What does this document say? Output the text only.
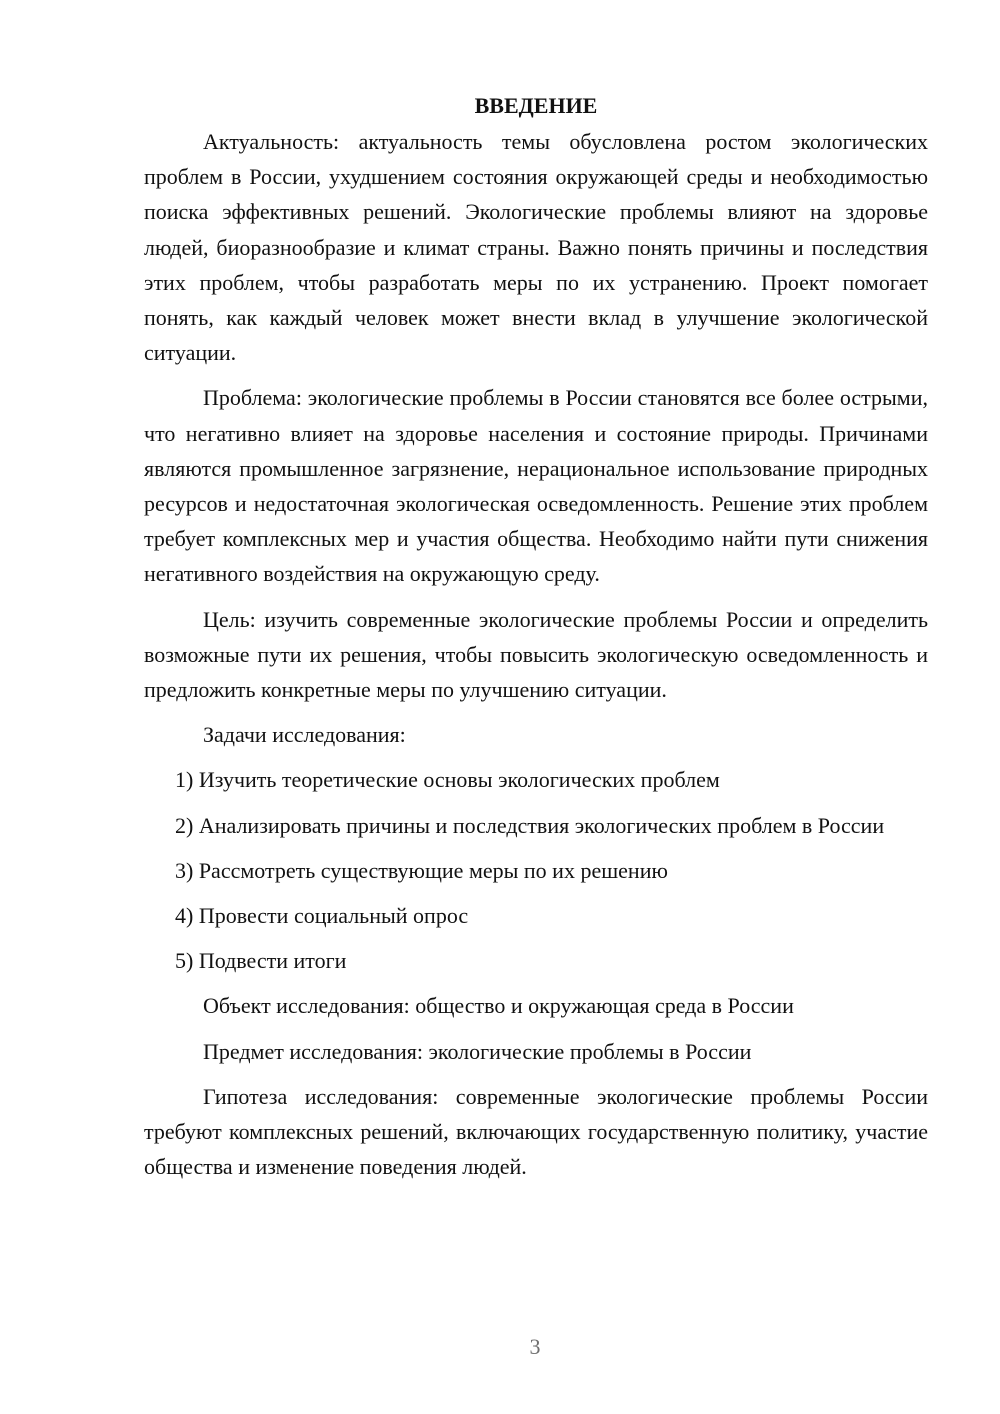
ВВЕДЕНИЕ

Актуальность: актуальность темы обусловлена ростом экологических проблем в России, ухудшением состояния окружающей среды и необходимостью поиска эффективных решений. Экологические проблемы влияют на здоровье людей, биоразнообразие и климат страны. Важно понять причины и последствия этих проблем, чтобы разработать меры по их устранению. Проект помогает понять, как каждый человек может внести вклад в улучшение экологической ситуации.

Проблема: экологические проблемы в России становятся все более острыми, что негативно влияет на здоровье населения и состояние природы. Причинами являются промышленное загрязнение, нерациональное использование природных ресурсов и недостаточная экологическая осведомленность. Решение этих проблем требует комплексных мер и участия общества. Необходимо найти пути снижения негативного воздействия на окружающую среду.

Цель: изучить современные экологические проблемы России и определить возможные пути их решения, чтобы повысить экологическую осведомленность и предложить конкретные меры по улучшению ситуации.

Задачи исследования:

1) Изучить теоретические основы экологических проблем

2) Анализировать причины и последствия экологических проблем в России

3) Рассмотреть существующие меры по их решению

4) Провести социальный опрос

5) Подвести итоги

Объект исследования: общество и окружающая среда в России

Предмет исследования: экологические проблемы в России

Гипотеза исследования: современные экологические проблемы России требуют комплексных решений, включающих государственную политику, участие общества и изменение поведения людей.

3
